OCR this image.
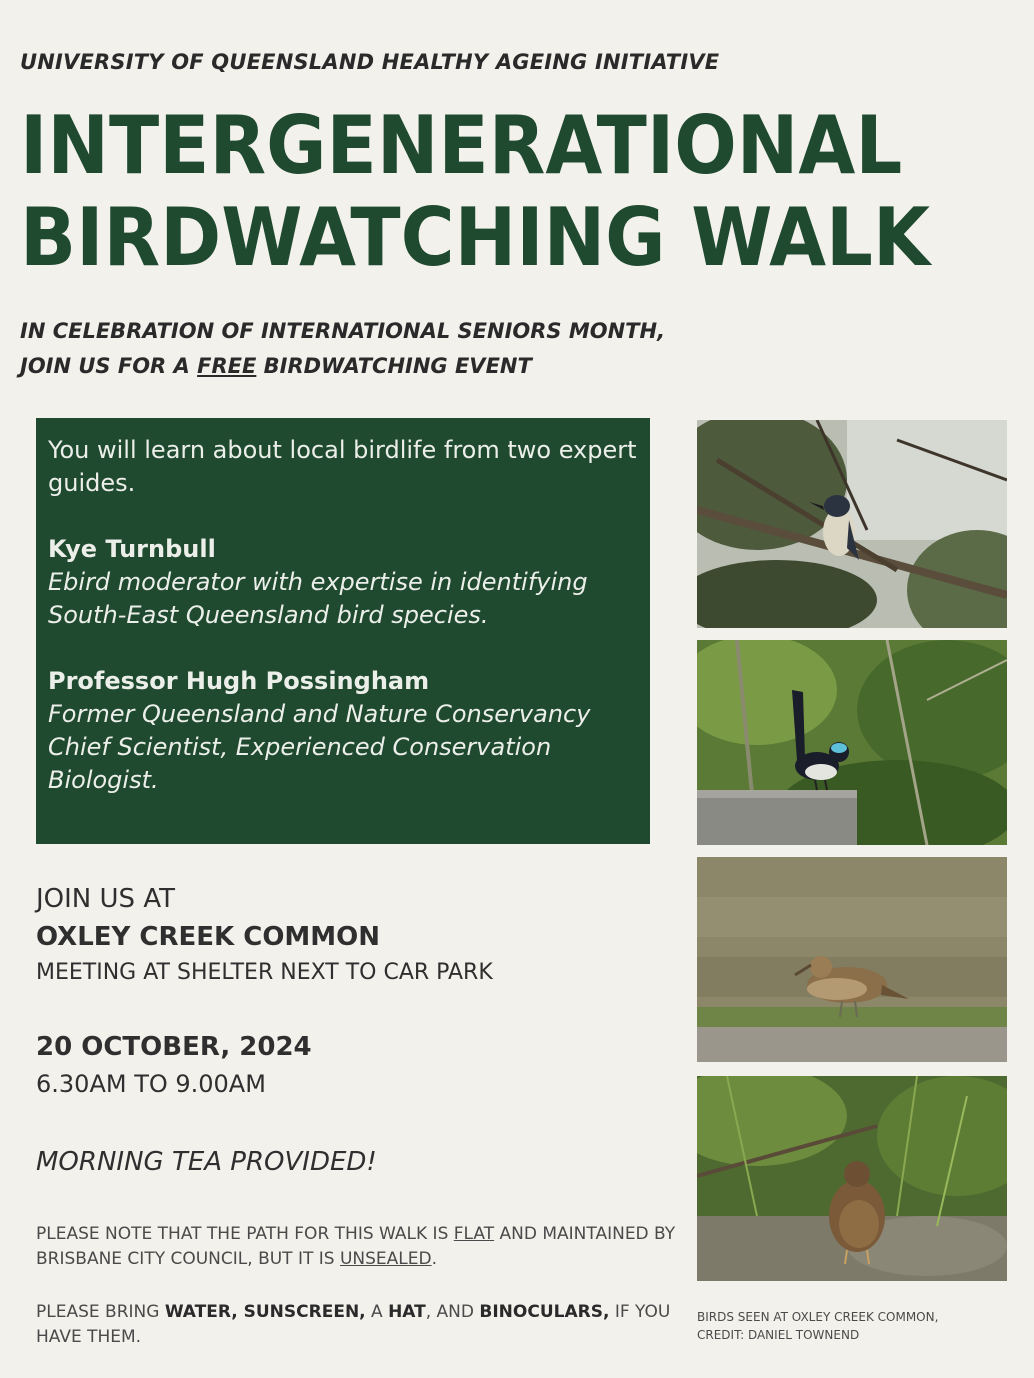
UNIVERSITY OF QUEENSLAND HEALTHY AGEING INITIATIVE
INTERGENERATIONAL
BIRDWATCHING WALK
IN CELEBRATION OF INTERNATIONAL SENIORS MONTH,
JOIN US FOR A FREE BIRDWATCHING EVENT

You will learn about local birdlife from two expert guides.

Kye Turnbull

Ebird moderator with expertise in identifying South-East Queensland bird species.

Professor Hugh Possingham

Former Queensland and Nature Conservancy Chief Scientist, Experienced Conservation Biologist.

JOIN US AT
OXLEY CREEK COMMON
MEETING AT SHELTER NEXT TO CAR PARK
20 OCTOBER, 2024
6.30AM TO 9.00AM
MORNING TEA PROVIDED!
PLEASE NOTE THAT THE PATH FOR THIS WALK IS FLAT AND MAINTAINED BY BRISBANE CITY COUNCIL, BUT IT IS UNSEALED.
PLEASE BRING WATER, SUNSCREEN, A HAT, AND BINOCULARS, IF YOU HAVE THEM.
BIRDS SEEN AT OXLEY CREEK COMMON,
CREDIT: DANIEL TOWNEND
